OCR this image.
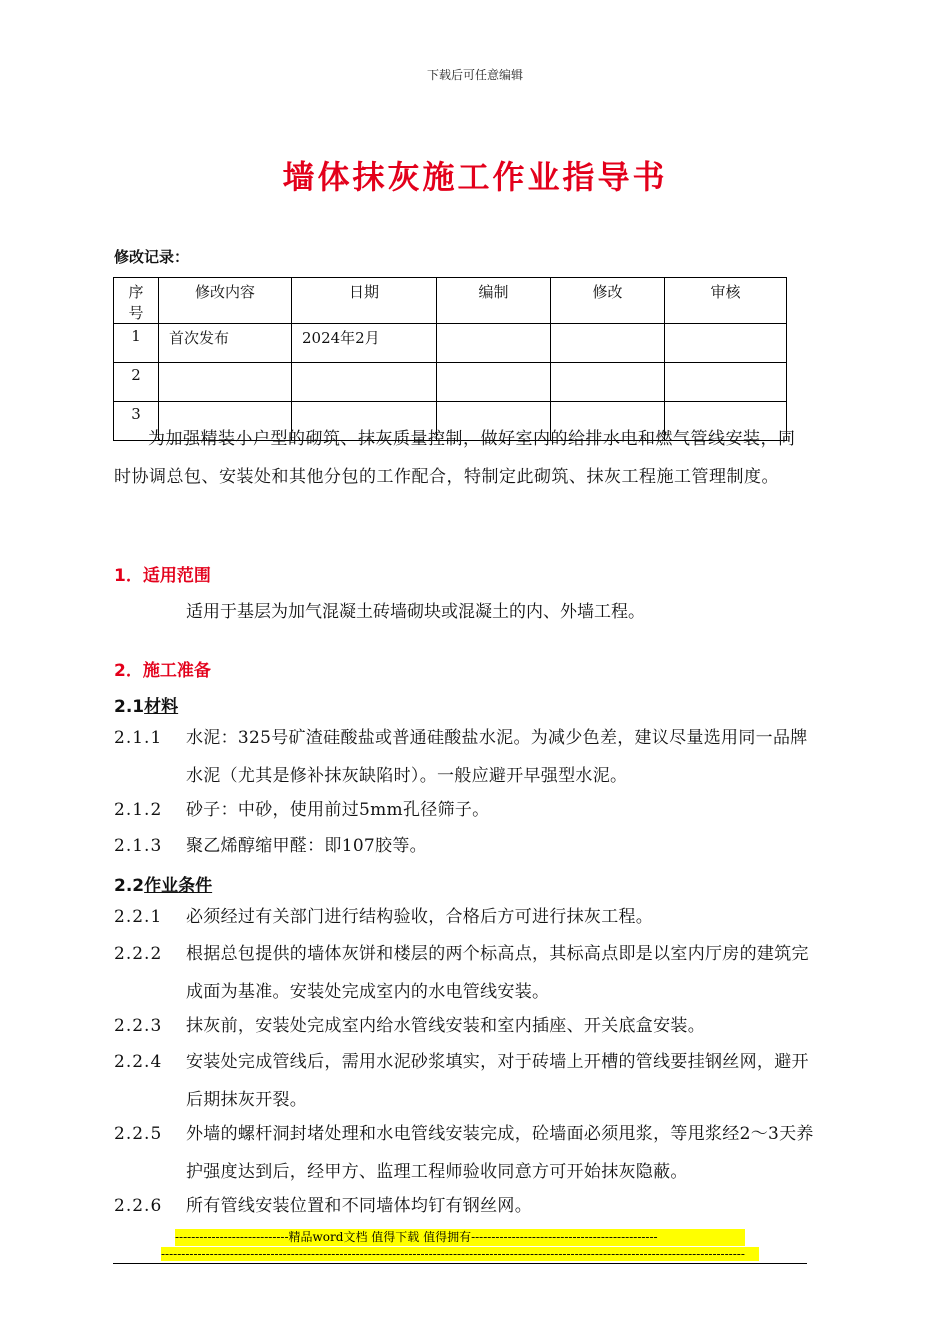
下载后可任意编辑
墙体抹灰施工作业指导书
修改记录：
序号	修改内容	日期	编制	修改	审核
1	首次发布	2024年2月			
2					
3					
为加强精装小户型的砌筑、抹灰质量控制，做好室内的给排水电和燃气管线安装，同时协调总包、安装处和其他分包的工作配合，特制定此砌筑、抹灰工程施工管理制度。
1．适用范围
适用于基层为加气混凝土砖墙砌块或混凝土的内、外墙工程。
2．施工准备
2.1材料
2.1.1 水泥：325号矿渣硅酸盐或普通硅酸盐水泥。为减少色差，建议尽量选用同一品牌水泥（尤其是修补抹灰缺陷时）。一般应避开早强型水泥。
2.1.2 砂子：中砂，使用前过5mm孔径筛子。
2.1.3 聚乙烯醇缩甲醛：即107胶等。
2.2作业条件
2.2.1 必须经过有关部门进行结构验收，合格后方可进行抹灰工程。
2.2.2 根据总包提供的墙体灰饼和楼层的两个标高点，其标高点即是以室内厅房的建筑完成面为基准。安装处完成室内的水电管线安装。
2.2.3 抹灰前，安装处完成室内给水管线安装和室内插座、开关底盒安装。
2.2.4 安装处完成管线后，需用水泥砂浆填实，对于砖墙上开槽的管线要挂钢丝网，避开后期抹灰开裂。
2.2.5 外墙的螺杆洞封堵处理和水电管线安装完成，砼墙面必须甩浆，等甩浆经2～3天养护强度达到后，经甲方、监理工程师验收同意方可开始抹灰隐蔽。
2.2.6 所有管线安装位置和不同墙体均钉有钢丝网。
----------------------------精品word文档 值得下载 值得拥有----------------------------------------------
------------------------------------------------------------------------------------------------------------------------------------------------
